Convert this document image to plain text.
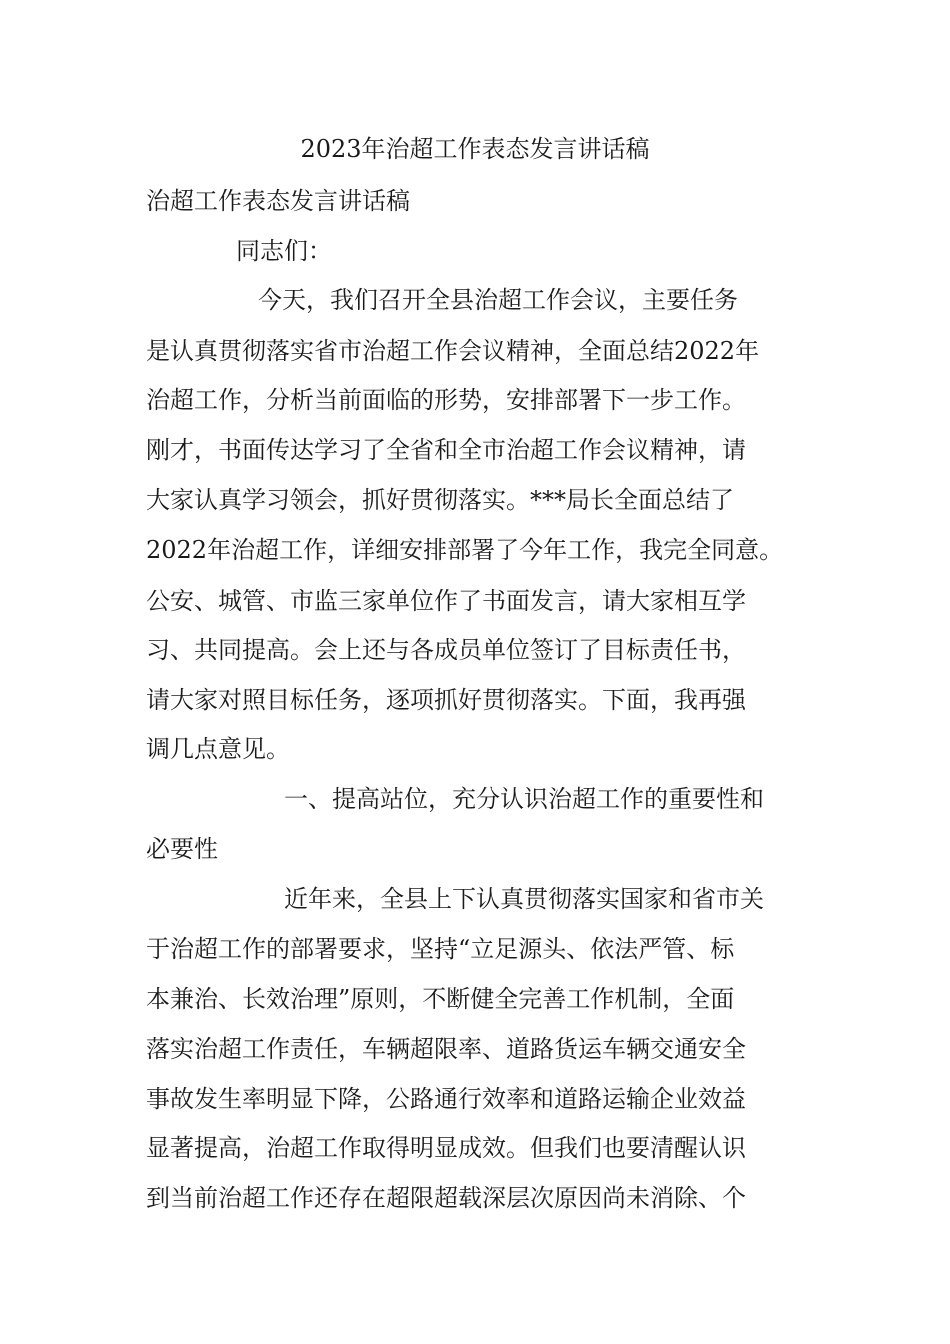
2023年治超工作表态发言讲话稿
治超工作表态发言讲话稿
同志们：
今天，我们召开全县治超工作会议，主要任务
是认真贯彻落实省市治超工作会议精神，全面总结2022年
治超工作，分析当前面临的形势，安排部署下一步工作。
刚才，书面传达学习了全省和全市治超工作会议精神，请
大家认真学习领会，抓好贯彻落实。***局长全面总结了
2022年治超工作，详细安排部署了今年工作，我完全同意。
公安、城管、市监三家单位作了书面发言，请大家相互学
习、共同提高。会上还与各成员单位签订了目标责任书，
请大家对照目标任务，逐项抓好贯彻落实。下面，我再强
调几点意见。
一、提高站位，充分认识治超工作的重要性和
必要性
近年来，全县上下认真贯彻落实国家和省市关
于治超工作的部署要求，坚持“立足源头、依法严管、标
本兼治、长效治理”原则，不断健全完善工作机制，全面
落实治超工作责任，车辆超限率、道路货运车辆交通安全
事故发生率明显下降，公路通行效率和道路运输企业效益
显著提高，治超工作取得明显成效。但我们也要清醒认识
到当前治超工作还存在超限超载深层次原因尚未消除、个
